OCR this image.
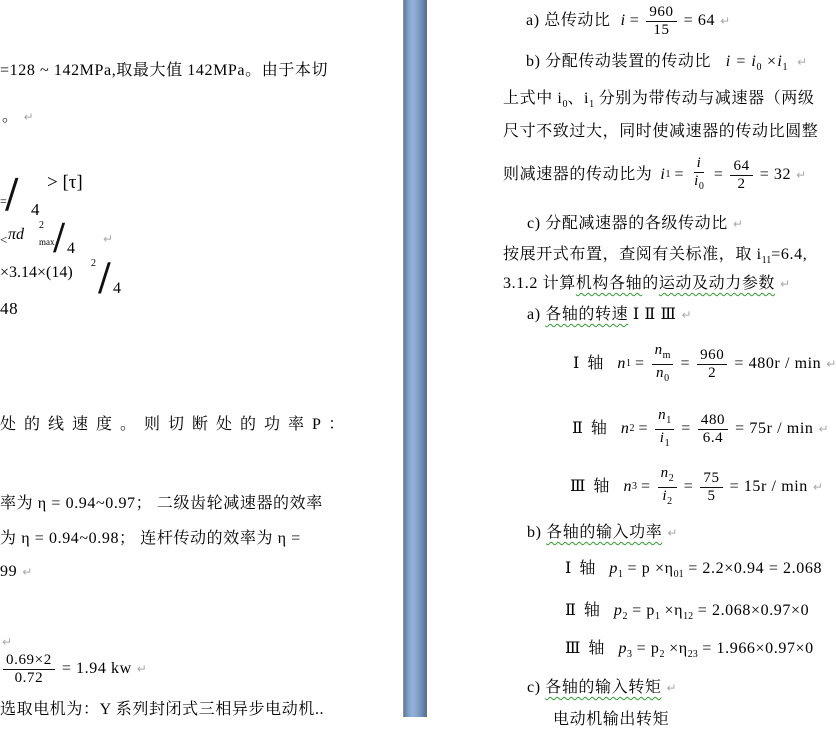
=128 ~ 142MPa,取最大值 142MPa。由于本切
。 ↵
=
∕ 4
> [τ]
< πd
2
max
∕ 4
↵
×3.14×(14)
2 ∕ 4
48
处 的 线 速 度 。 则 切 断 处 的 功 率 P ：
率为 η = 0.94~0.97； 二级齿轮减速器的效率
为 η = 0.94~0.98； 连杆传动的效率为 η =
99 ↵
↵
$\frac{0.69\times 2}{0.72} = 1.94$ kw ↵
选取电机为：Y 系列封闭式三相异步电动机..
a) 总传动比 $i = \frac{960}{15} = 64$ ↵
b) 分配传动装置的传动比 $i = i_0 \times i_1$ ↵
上式中 $i_0$、$i_1$ 分别为带传动与减速器（两级
尺寸不致过大，同时使减速器的传动比圆整
则减速器的传动比为 i $1 = \frac{i}{i_0} = \frac{64}{2} = 32$ ↵
c) 分配减速器的各级传动比 ↵
按展开式布置，查阅有关标准，取 $i_{11}=6.4$,
3.1.2 计算机构各轴的运动及动力参数 ↵
a) 各轴的转速 Ⅰ Ⅱ Ⅲ ↵
Ⅰ 轴 n $1 = \frac{n_m}{n_0} = \frac{960}{2} = 480r / \min$ ↵
Ⅱ 轴 n $2 = \frac{n_1}{i_1} = \frac{480}{6.4} = 75r / \min$ ↵
Ⅲ 轴 n $3 = \frac{n_2}{i_2} = \frac{75}{5} = 15r / \min$ ↵
b) 各轴的输入功率 ↵
Ⅰ 轴 $p_1 = p \times\eta_{01} = 2.2\times 0.94 = 2.068$
Ⅱ 轴 $p_2 = p_1 \times\eta_{12} = 2.068\times 0.97\times 0$
Ⅲ 轴 $p_3 = p_2 \times\eta_{23} = 1.966\times 0.97\times 0$
c) 各轴的输入转矩 ↵
电动机输出转矩
